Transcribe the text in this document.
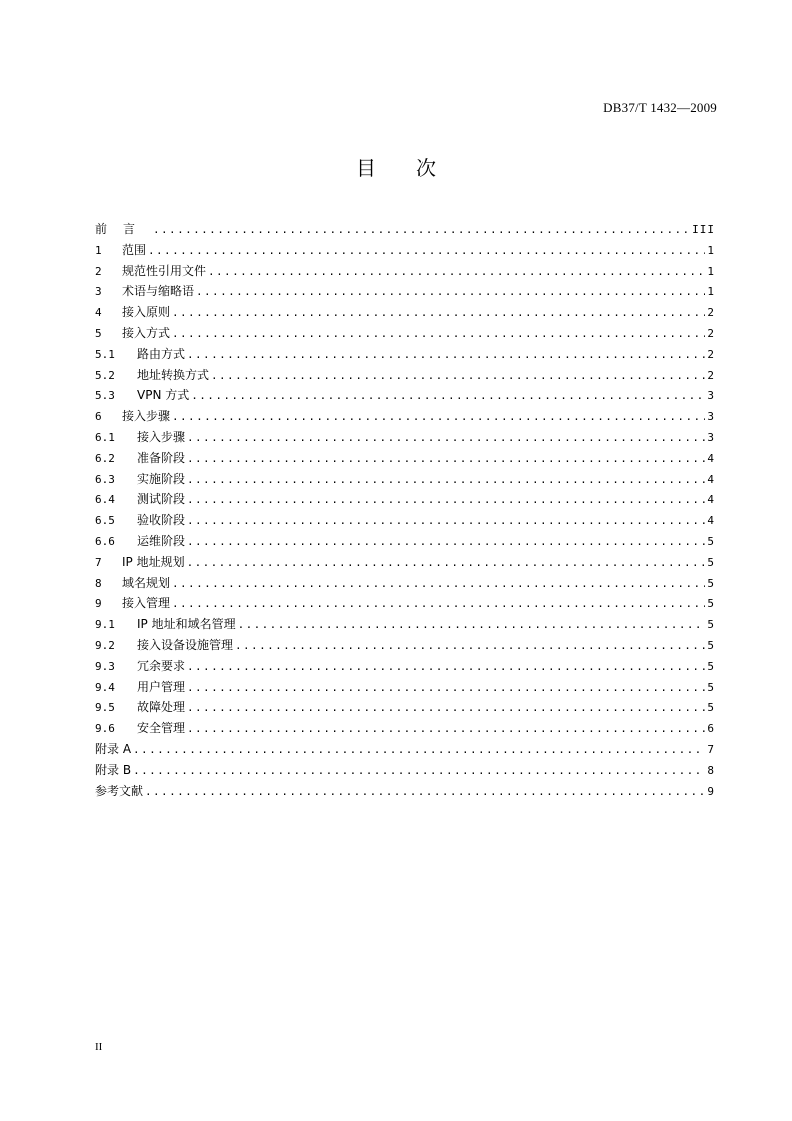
DB37/T 1432—2009
目次
前言 .....	III
1	范围 .....	1
2	规范性引用文件 .....	1
3	术语与缩略语 .....	1
4	接入原则 .....	2
5	接入方式 .....	2
5.1	路由方式 .....	2
5.2	地址转换方式 .....	2
5.3	VPN 方式 .....	3
6	接入步骤 .....	3
6.1	接入步骤 .....	3
6.2	准备阶段 .....	4
6.3	实施阶段 .....	4
6.4	测试阶段 .....	4
6.5	验收阶段 .....	4
6.6	运维阶段 .....	5
7	IP 地址规划 .....	5
8	域名规划 .....	5
9	接入管理 .....	5
9.1	IP 地址和域名管理 .....	5
9.2	接入设备设施管理 .....	5
9.3	冗余要求 .....	5
9.4	用户管理 .....	5
9.5	故障处理 .....	5
9.6	安全管理 .....	6
附录 A .....	7
附录 B .....	8
参考文献 .....	9
II
